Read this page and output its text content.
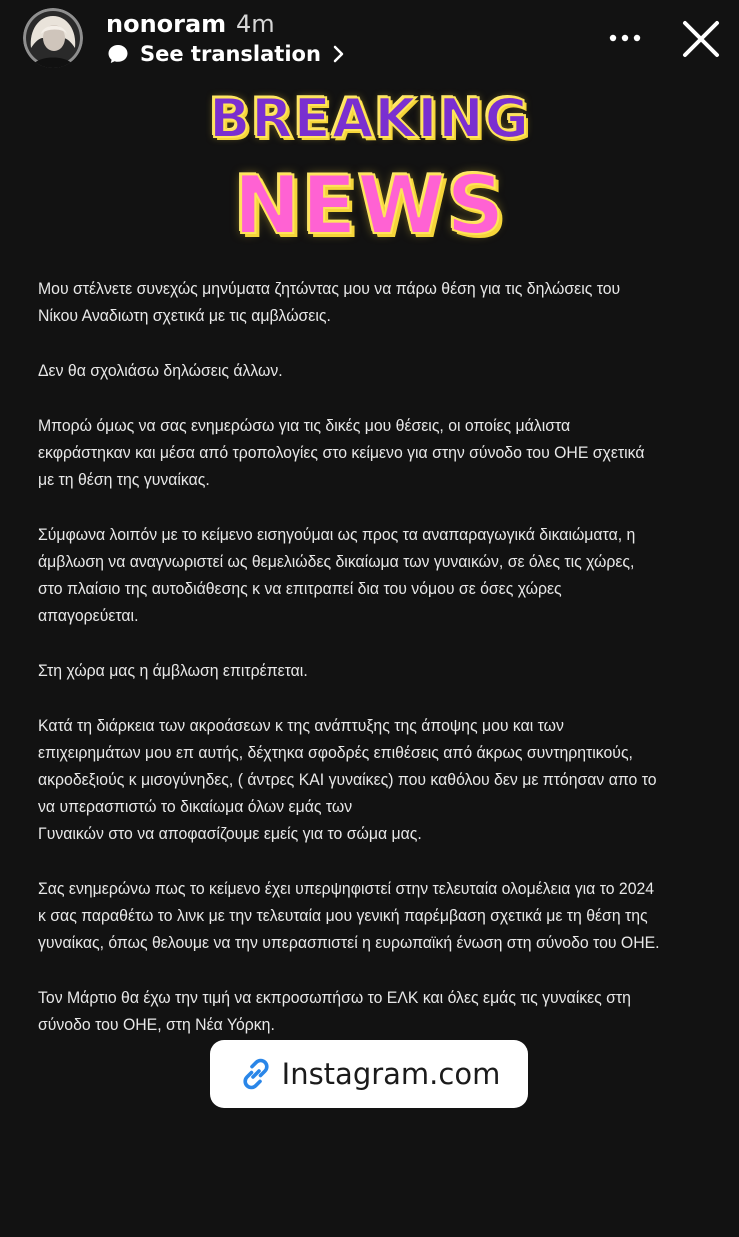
nonoram 4m
See translation
BREAKING
NEWS

Μου στέλνετε συνεχώς μηνύματα ζητώντας μου να πάρω θέση για τις δηλώσεις του Νίκου Αναδιωτη σχετικά με τις αμβλώσεις.

Δεν θα σχολιάσω δηλώσεις άλλων.

Μπορώ όμως να σας ενημερώσω για τις δικές μου θέσεις, οι οποίες μάλιστα εκφράστηκαν και μέσα από τροπολογίες στο κείμενο για στην σύνοδο του ΟΗΕ σχετικά με τη θέση της γυναίκας.

Σύμφωνα λοιπόν με το κείμενο εισηγούμαι ως προς τα αναπαραγωγικά δικαιώματα, η άμβλωση να αναγνωριστεί ως θεμελιώδες δικαίωμα των γυναικών, σε όλες τις χώρες, στο πλαίσιο της αυτοδιάθεσης κ να επιτραπεί δια του νόμου σε όσες χώρες απαγορεύεται.

Στη χώρα μας η άμβλωση επιτρέπεται.

Κατά τη διάρκεια των ακροάσεων κ της ανάπτυξης της άποψης μου και των επιχειρημάτων μου επ αυτής, δέχτηκα σφοδρές επιθέσεις από άκρως συντηρητικούς, ακροδεξιούς κ μισογύνηδες, ( άντρες ΚΑΙ γυναίκες) που καθόλου δεν με πτόησαν απο το να υπερασπιστώ το δικαίωμα όλων εμάς των
Γυναικών στο να αποφασίζουμε εμείς για το σώμα μας.

Σας ενημερώνω πως το κείμενο έχει υπερψηφιστεί στην τελευταία ολομέλεια για το 2024 κ σας παραθέτω το λινκ με την τελευταία μου γενική παρέμβαση σχετικά με τη θέση της γυναίκας, όπως θελουμε να την υπερασπιστεί η ευρωπαϊκή ένωση στη σύνοδο του ΟΗΕ.

Τον Μάρτιο θα έχω την τιμή να εκπροσωπήσω το ΕΛΚ και όλες εμάς τις γυναίκες στη σύνοδο του ΟΗΕ, στη Νέα Υόρκη.

Instagram.com
